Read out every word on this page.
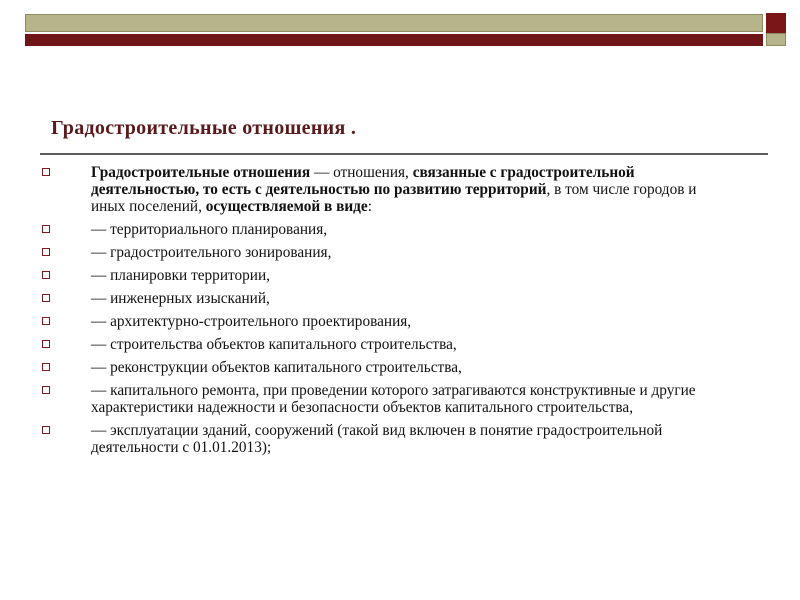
Градостроительные отношения .
Градостроительные отношения — отношения, связанные с градостроительной деятельностью, то есть с деятельностью по развитию территорий, в том числе городов и иных поселений, осуществляемой в виде:
— территориального планирования,
— градостроительного зонирования,
— планировки территории,
— инженерных изысканий,
— архитектурно-строительного проектирования,
— строительства объектов капитального строительства,
— реконструкции объектов капитального строительства,
— капитального ремонта, при проведении которого затрагиваются конструктивные и другие характеристики надежности и безопасности объектов капитального строительства,
— эксплуатации зданий, сооружений (такой вид включен в понятие градостроительной деятельности с 01.01.2013);
